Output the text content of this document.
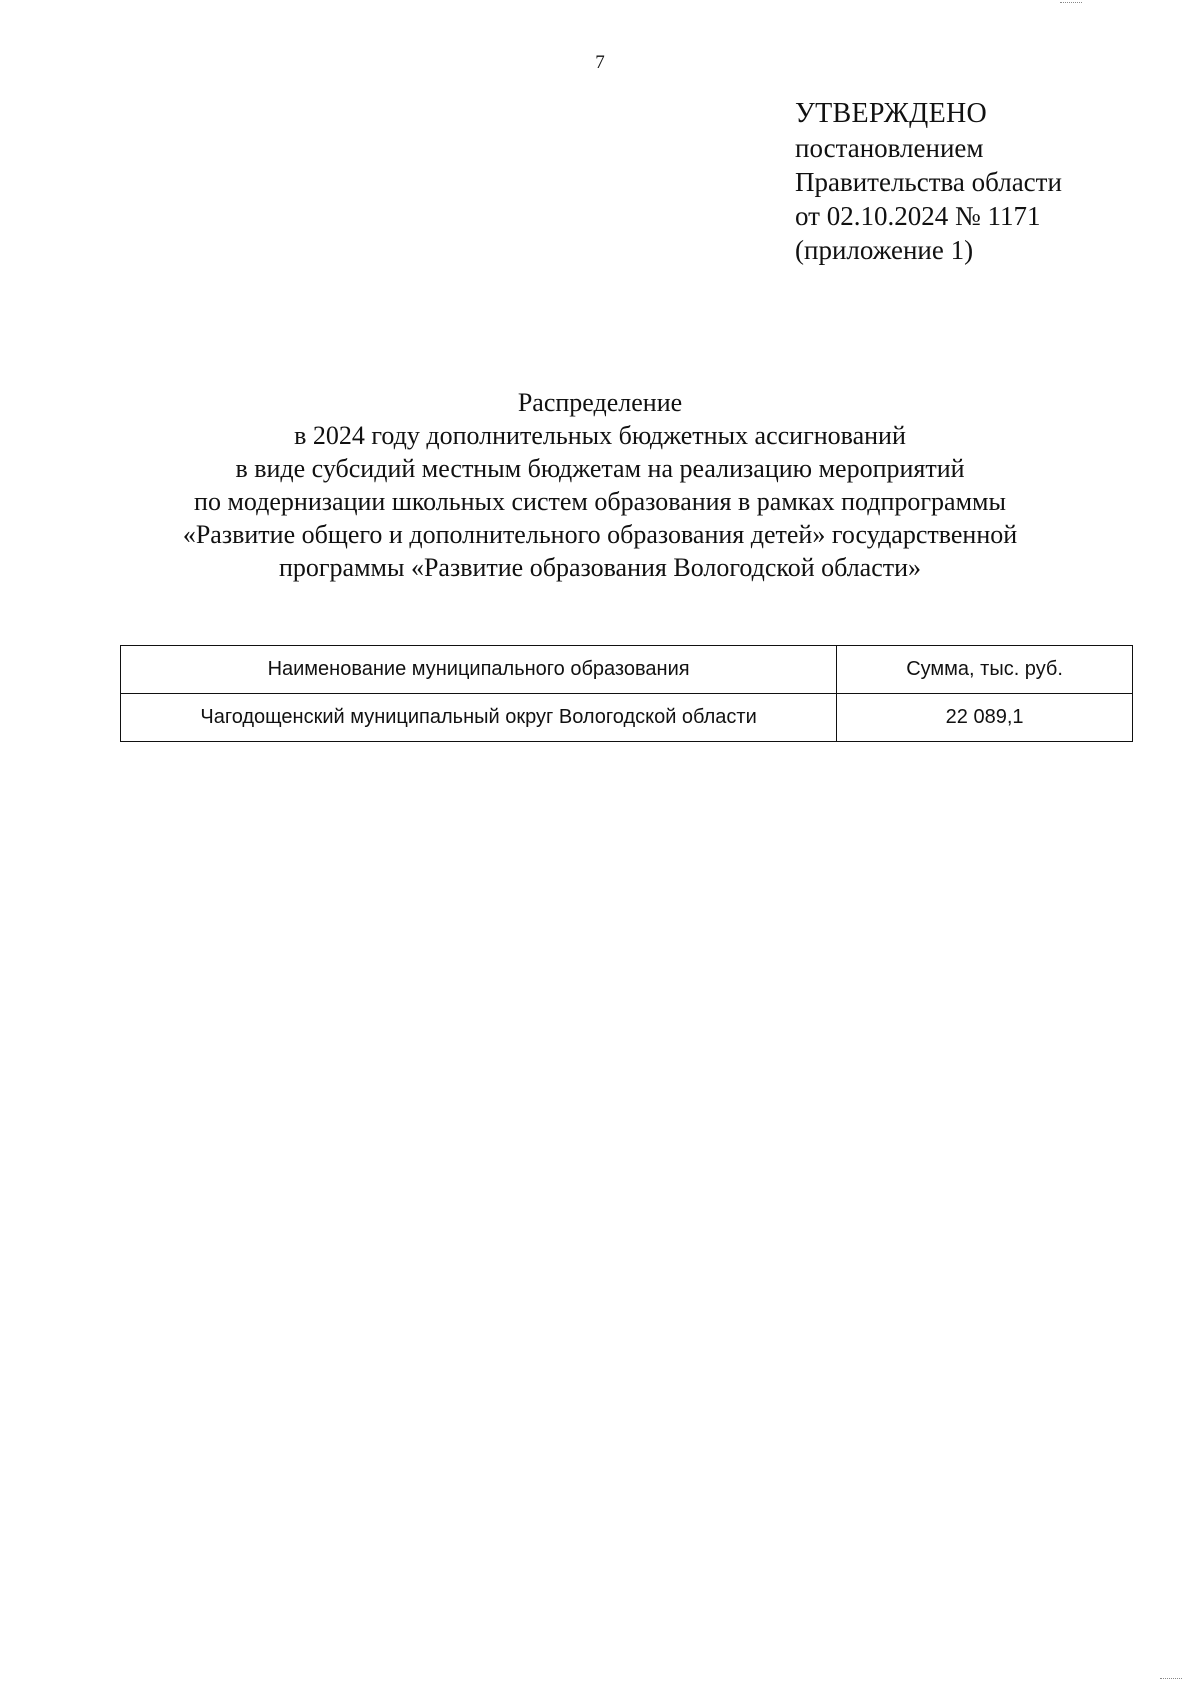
7
УТВЕРЖДЕНО
постановлением
Правительства области
от 02.10.2024 № 1171
(приложение 1)
Распределение
в 2024 году дополнительных бюджетных ассигнований
в виде субсидий местным бюджетам на реализацию мероприятий
по модернизации школьных систем образования в рамках подпрограммы
«Развитие общего и дополнительного образования детей» государственной
программы «Развитие образования Вологодской области»
Наименование муниципального образования	Сумма, тыс. руб.
Чагодощенский муниципальный округ Вологодской области	22 089,1
